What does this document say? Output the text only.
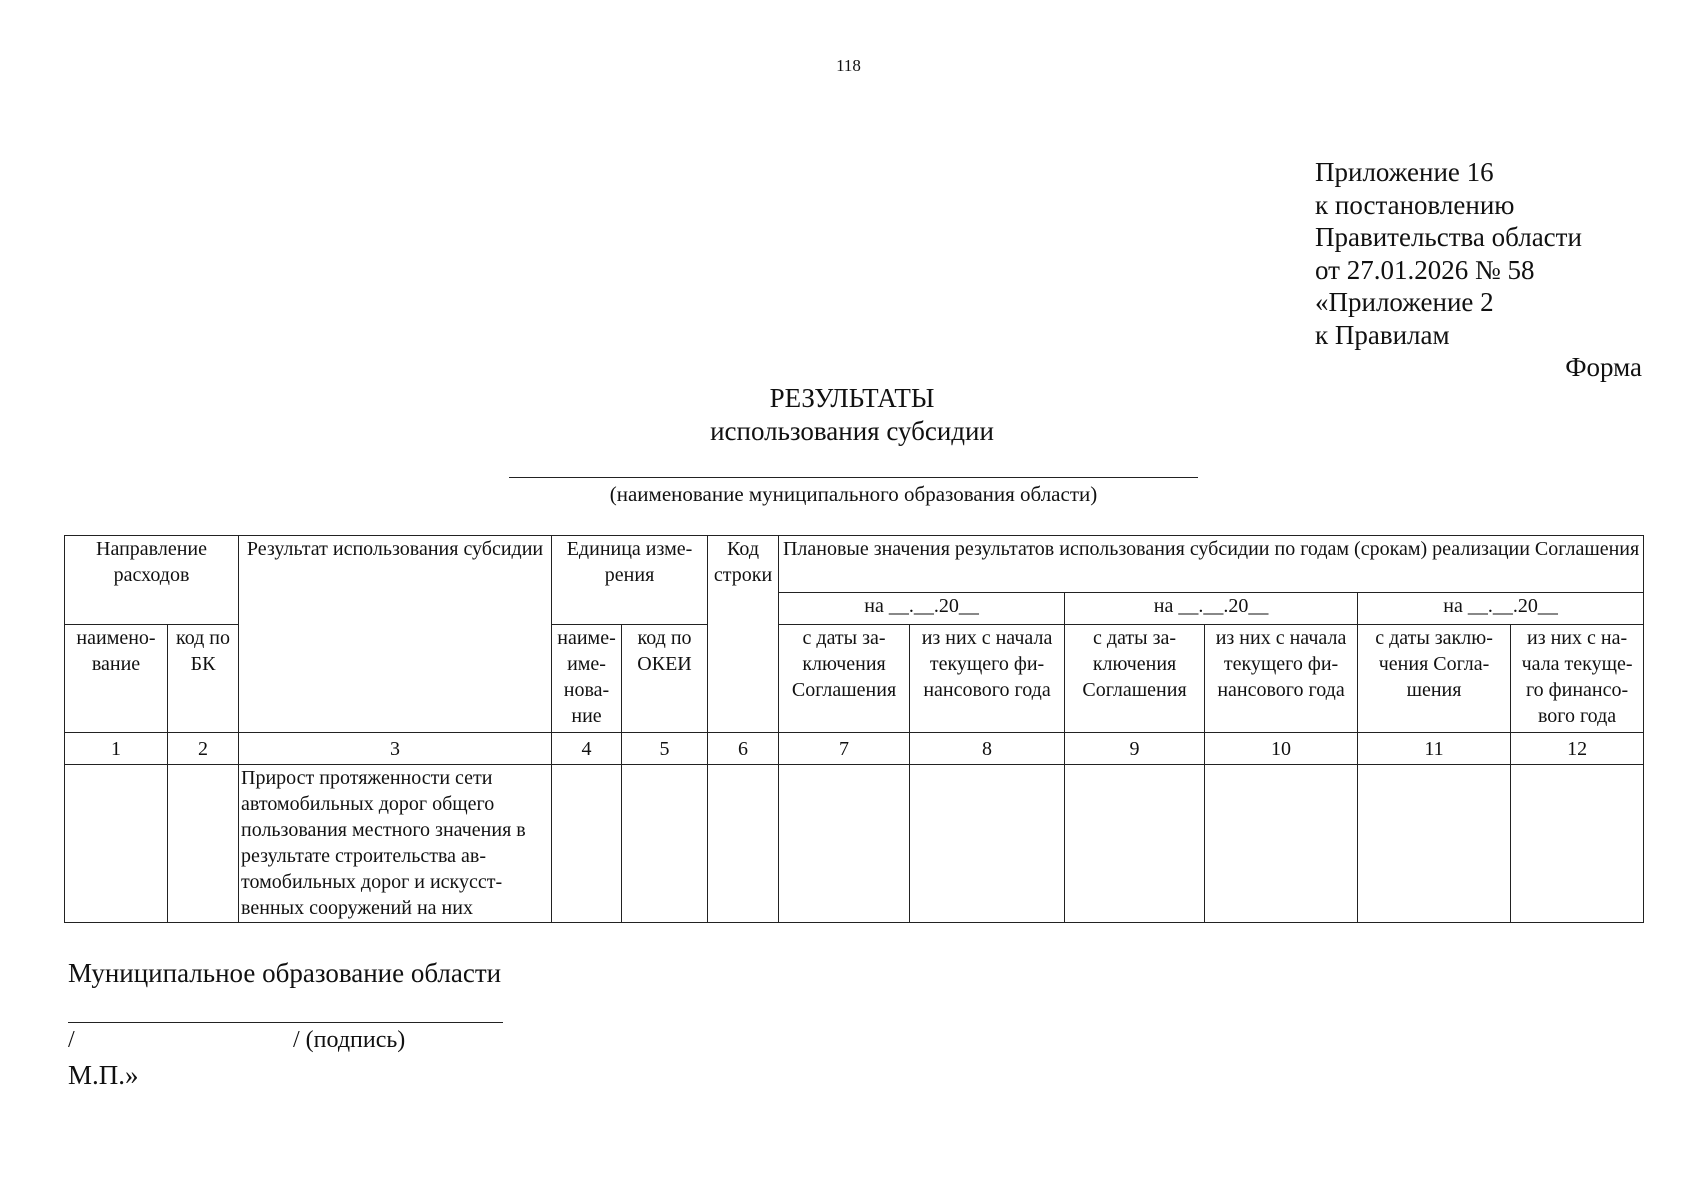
118
Приложение 16
к постановлению
Правительства области
от 27.01.2026 № 58
«Приложение 2
к Правилам
Форма
РЕЗУЛЬТАТЫ
использования субсидии
(наименование муниципального образования области)
Направление расходов		Результат использования субсидии	Единица изме-рения		Код строки	Плановые значения результатов использования субсидии по годам (срокам) реализации Соглашения					
						на __.__.20__		на __.__.20__		на __.__.20__	
наимено-вание	код по БК		наиме-име-нова-ние	код по ОКЕИ		с даты за-ключения Соглашения	из них с начала текущего фи-нансового года	с даты за-ключения Соглашения	из них с начала текущего фи-нансового года	с даты заклю-чения Согла-шения	из них с на-чала текуще-го финансо-вого года
1	2	3	4	5	6	7	8	9	10	11	12
		Прирост протяженности сети автомобильных дорог общего пользования местного значения в результате строительства ав-томобильных дорог и искусст-венных сооружений на них									
Муниципальное образование области
/	/ (подпись)
М.П.»
